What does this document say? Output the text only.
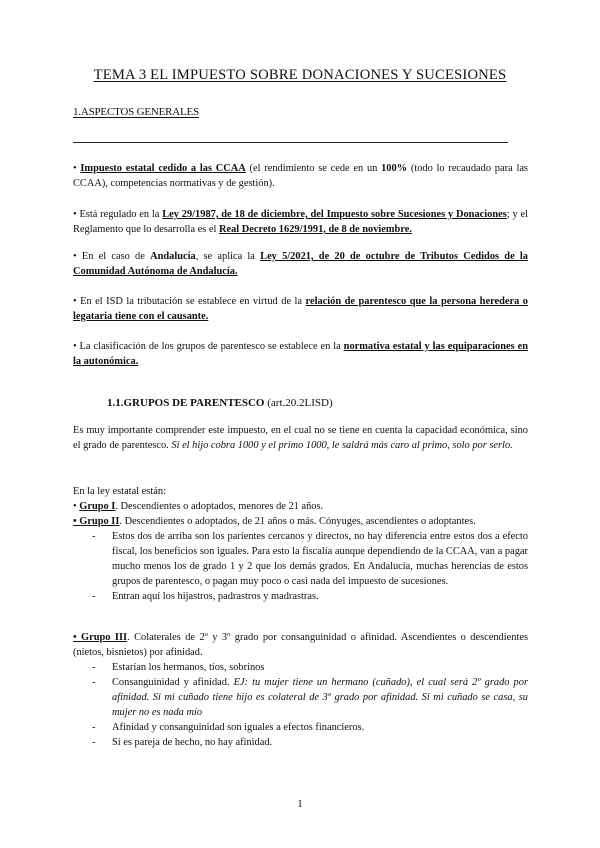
TEMA 3 EL IMPUESTO SOBRE DONACIONES Y SUCESIONES
1.ASPECTOS GENERALES
• Impuesto estatal cedido a las CCAA (el rendimiento se cede en un 100% (todo lo recaudado para las CCAA), competencias normativas y de gestión).
• Está regulado en la Ley 29/1987, de 18 de diciembre, del Impuesto sobre Sucesiones y Donaciones; y el Reglamento que lo desarrolla es el Real Decreto 1629/1991, de 8 de noviembre.
• En el caso de Andalucía, se aplica la Ley 5/2021, de 20 de octubre de Tributos Cedidos de la Comunidad Autónoma de Andalucía.
• En el ISD la tributación se establece en virtud de la relación de parentesco que la persona heredera o legataria tiene con el causante.
• La clasificación de los grupos de parentesco se establece en la normativa estatal y las equiparaciones en la autonómica.
1.1.GRUPOS DE PARENTESCO (art.20.2LISD)
Es muy importante comprender este impuesto, en el cual no se tiene en cuenta la capacidad económica, sino el grado de parentesco. Si el hijo cobra 1000 y el primo 1000, le saldrá más caro al primo, solo por serlo.
En la ley estatal están:
• Grupo I. Descendientes o adoptados, menores de 21 años.
• Grupo II. Descendientes o adoptados, de 21 años o más. Cónyuges, ascendientes o adoptantes.
- Estos dos de arriba son los parientes cercanos y directos, no hay diferencia entre estos dos a efecto fiscal, los beneficios son iguales. Para esto la fiscalía aunque dependiendo de la CCAA, van a pagar mucho menos los de grado 1 y 2 que los demás grados. En Andalucía, muchas herencias de estos grupos de parentesco, o pagan muy poco o casi nada del impuesto de sucesiones.
- Entran aquí los hijastros, padrastros y madrastras.
• Grupo III. Colaterales de 2º y 3º grado por consanguinidad o afinidad. Ascendientes o descendientes (nietos, bisnietos) por afinidad.
- Estarían los hermanos, tíos, sobrinos
- Consanguinidad y afinidad. EJ: tu mujer tiene un hermano (cuñado), el cual será 2º grado por afinidad. Si mi cuñado tiene hijo es colateral de 3º grado por afinidad. Si mi cuñado se casa, su mujer no es nada mío
- Afinidad y consanguinidad son iguales a efectos financieros.
- Si es pareja de hecho, no hay afinidad.
1
